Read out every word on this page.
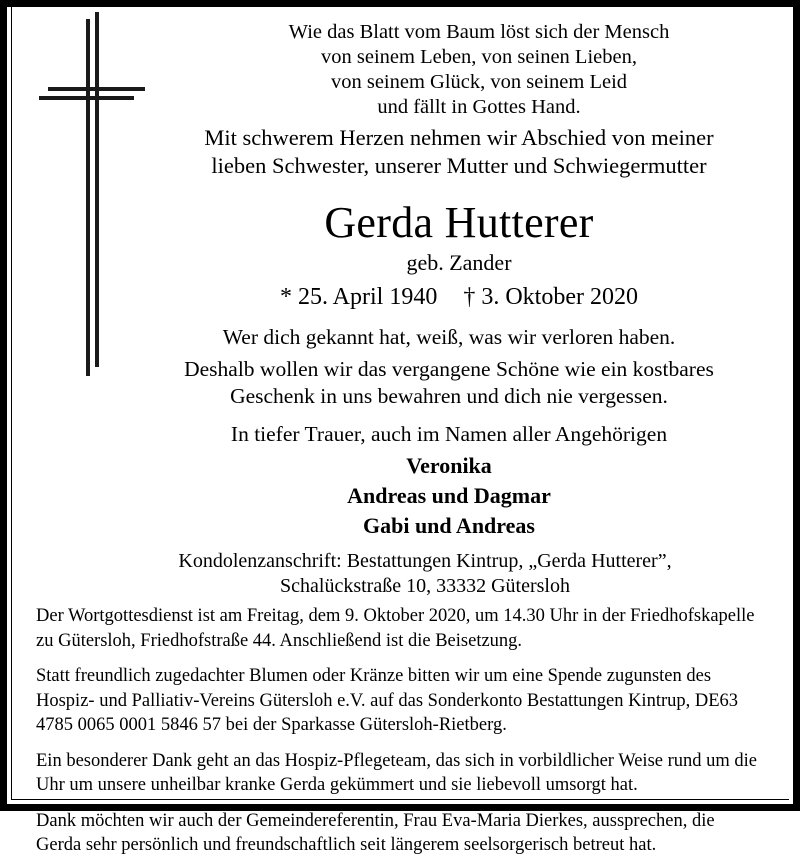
Wie das Blatt vom Baum löst sich der Mensch
von seinem Leben, von seinen Lieben,
von seinem Glück, von seinem Leid
und fällt in Gottes Hand.
Mit schwerem Herzen nehmen wir Abschied von meiner
lieben Schwester, unserer Mutter und Schwiegermutter
Gerda Hutterer
geb. Zander
* 25. April 1940 † 3. Oktober 2020
Wer dich gekannt hat, weiß, was wir verloren haben.
Deshalb wollen wir das vergangene Schöne wie ein kostbares
Geschenk in uns bewahren und dich nie vergessen.
In tiefer Trauer, auch im Namen aller Angehörigen
Veronika
Andreas und Dagmar
Gabi und Andreas
Kondolenzanschrift: Bestattungen Kintrup, „Gerda Hutterer”,
Schalückstraße 10, 33332 Gütersloh

Der Wortgottesdienst ist am Freitag, dem 9. Oktober 2020, um 14.30 Uhr in der Friedhofskapelle zu Gütersloh, Friedhofstraße 44. Anschließend ist die Beisetzung.

Statt freundlich zugedachter Blumen oder Kränze bitten wir um eine Spende zugunsten des Hospiz- und Palliativ-Vereins Gütersloh e.V. auf das Sonderkonto Bestattungen Kintrup, DE63 4785 0065 0001 5846 57 bei der Sparkasse Gütersloh-Rietberg.

Ein besonderer Dank geht an das Hospiz-Pflegeteam, das sich in vorbildlicher Weise rund um die Uhr um unsere unheilbar kranke Gerda gekümmert und sie liebevoll umsorgt hat.

Dank möchten wir auch der Gemeindereferentin, Frau Eva-Maria Dierkes, aussprechen, die Gerda sehr persönlich und freundschaftlich seit längerem seelsorgerisch betreut hat.
